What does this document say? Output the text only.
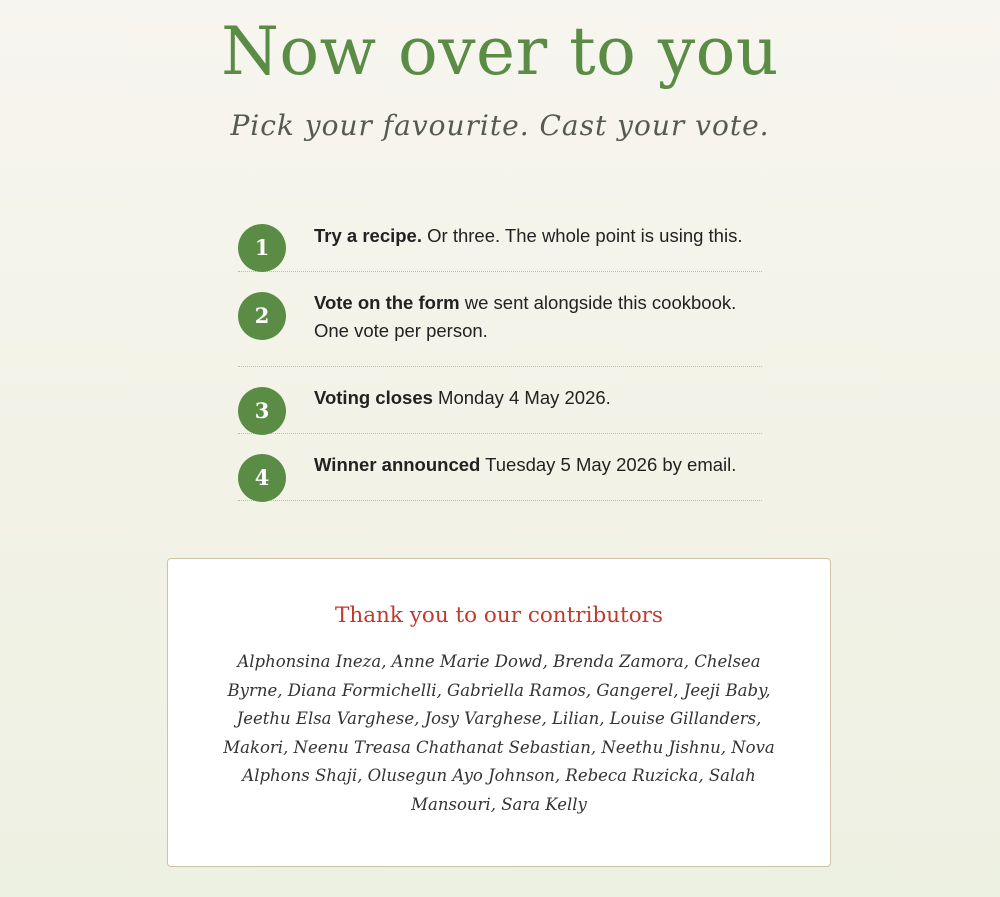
Now over to you

Pick your favourite. Cast your vote.

1	Try a recipe. Or three. The whole point is using this.
2
Vote on the form we sent alongside this cookbook. One vote per person.
3
Voting closes Monday 4 May 2026.
4
Winner announced Tuesday 5 May 2026 by email.
Thank you to our contributors
Alphonsina Ineza, Anne Marie Dowd, Brenda Zamora, Chelsea Byrne, Diana Formichelli, Gabriella Ramos, Gangerel, Jeeji Baby, Jeethu Elsa Varghese, Josy Varghese, Lilian, Louise Gillanders, Makori, Neenu Treasa Chathanat Sebastian, Neethu Jishnu, Nova Alphons Shaji, Olusegun Ayo Johnson, Rebeca Ruzicka, Salah Mansouri, Sara Kelly
